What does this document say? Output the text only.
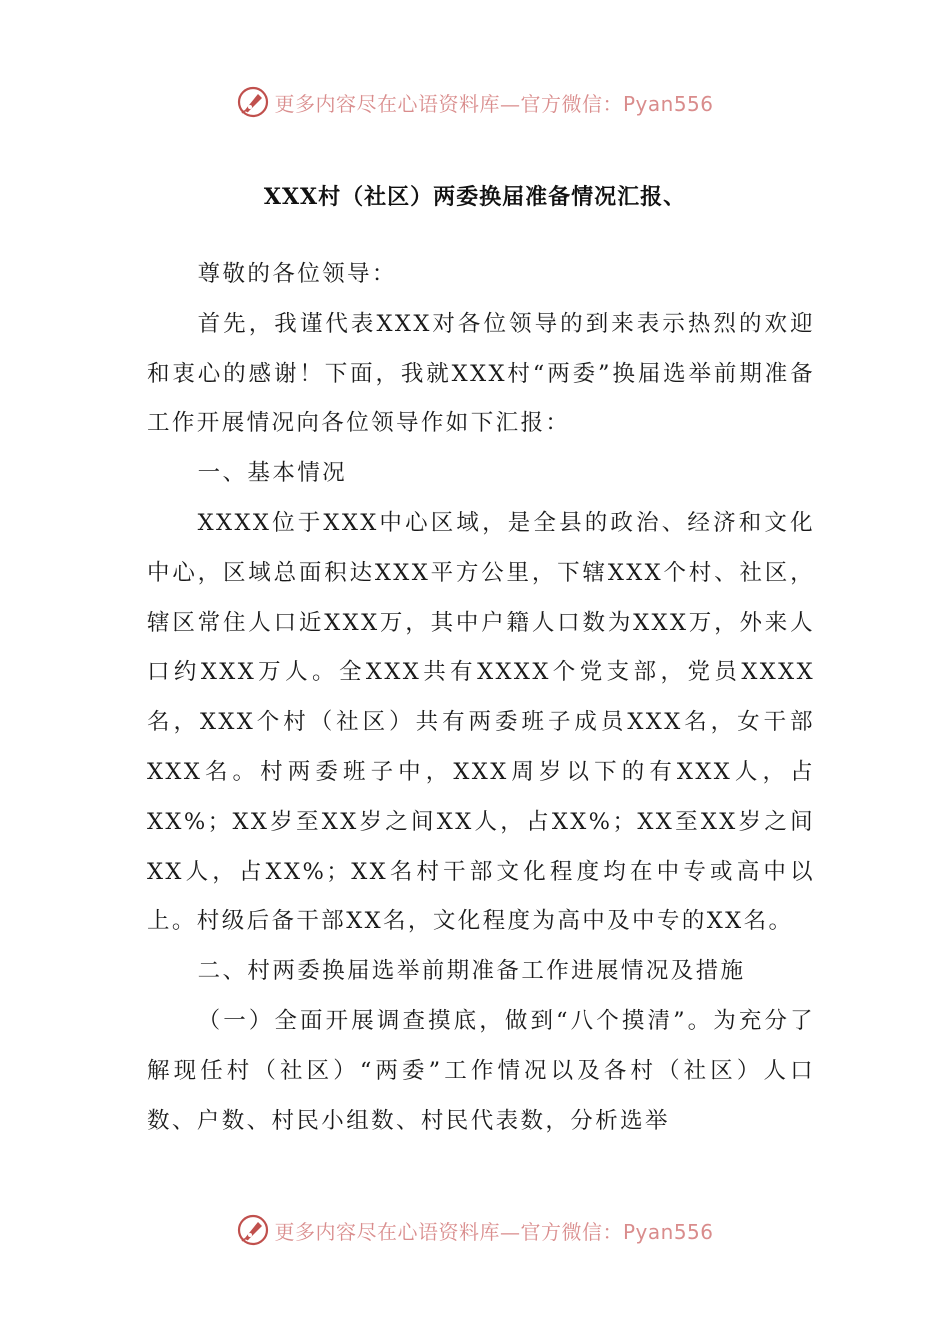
更多内容尽在心语资料库—官方微信：Pyan556
XXX村（社区）两委换届准备情况汇报、

尊敬的各位领导：

首先，我谨代表XXX对各位领导的到来表示热烈的欢迎和衷心的感谢！下面，我就XXX村“两委”换届选举前期准备工作开展情况向各位领导作如下汇报：

一、基本情况

XXXX位于XXX中心区域，是全县的政治、经济和文化中心，区域总面积达XXX平方公里，下辖XXX个村、社区，辖区常住人口近XXX万，其中户籍人口数为XXX万，外来人口约XXX万人。全XXX共有XXXX个党支部，党员XXXX名，XXX个村（社区）共有两委班子成员XXX名，女干部XXX名。村两委班子中，XXX周岁以下的有XXX人，占XX%；XX岁至XX岁之间XX人，占XX%；XX至XX岁之间XX人，占XX%；XX名村干部文化程度均在中专或高中以上。村级后备干部XX名，文化程度为高中及中专的XX名。

二、村两委换届选举前期准备工作进展情况及措施

（一）全面开展调查摸底，做到“八个摸清”。为充分了解现任村（社区）“两委”工作情况以及各村（社区）人口数、户数、村民小组数、村民代表数，分析选举

更多内容尽在心语资料库—官方微信：Pyan556
